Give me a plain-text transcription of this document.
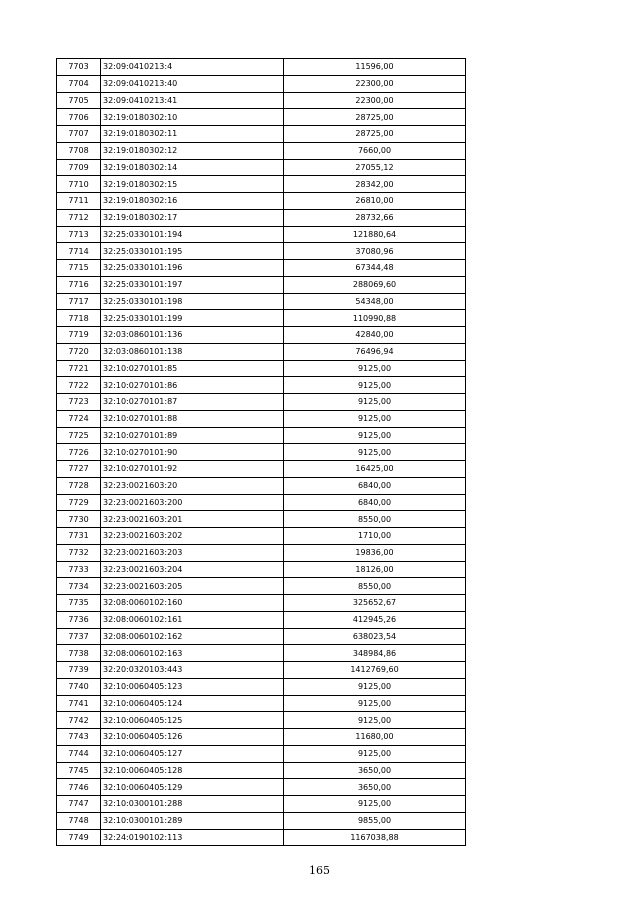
7703	32:09:0410213:4	11596,00
7704	32:09:0410213:40	22300,00
7705	32:09:0410213:41	22300,00
7706	32:19:0180302:10	28725,00
7707	32:19:0180302:11	28725,00
7708	32:19:0180302:12	7660,00
7709	32:19:0180302:14	27055,12
7710	32:19:0180302:15	28342,00
7711	32:19:0180302:16	26810,00
7712	32:19:0180302:17	28732,66
7713	32:25:0330101:194	121880,64
7714	32:25:0330101:195	37080,96
7715	32:25:0330101:196	67344,48
7716	32:25:0330101:197	288069,60
7717	32:25:0330101:198	54348,00
7718	32:25:0330101:199	110990,88
7719	32:03:0860101:136	42840,00
7720	32:03:0860101:138	76496,94
7721	32:10:0270101:85	9125,00
7722	32:10:0270101:86	9125,00
7723	32:10:0270101:87	9125,00
7724	32:10:0270101:88	9125,00
7725	32:10:0270101:89	9125,00
7726	32:10:0270101:90	9125,00
7727	32:10:0270101:92	16425,00
7728	32:23:0021603:20	6840,00
7729	32:23:0021603:200	6840,00
7730	32:23:0021603:201	8550,00
7731	32:23:0021603:202	1710,00
7732	32:23:0021603:203	19836,00
7733	32:23:0021603:204	18126,00
7734	32:23:0021603:205	8550,00
7735	32:08:0060102:160	325652,67
7736	32:08:0060102:161	412945,26
7737	32:08:0060102:162	638023,54
7738	32:08:0060102:163	348984,86
7739	32:20:0320103:443	1412769,60
7740	32:10:0060405:123	9125,00
7741	32:10:0060405:124	9125,00
7742	32:10:0060405:125	9125,00
7743	32:10:0060405:126	11680,00
7744	32:10:0060405:127	9125,00
7745	32:10:0060405:128	3650,00
7746	32:10:0060405:129	3650,00
7747	32:10:0300101:288	9125,00
7748	32:10:0300101:289	9855,00
7749	32:24:0190102:113	1167038,88
165
